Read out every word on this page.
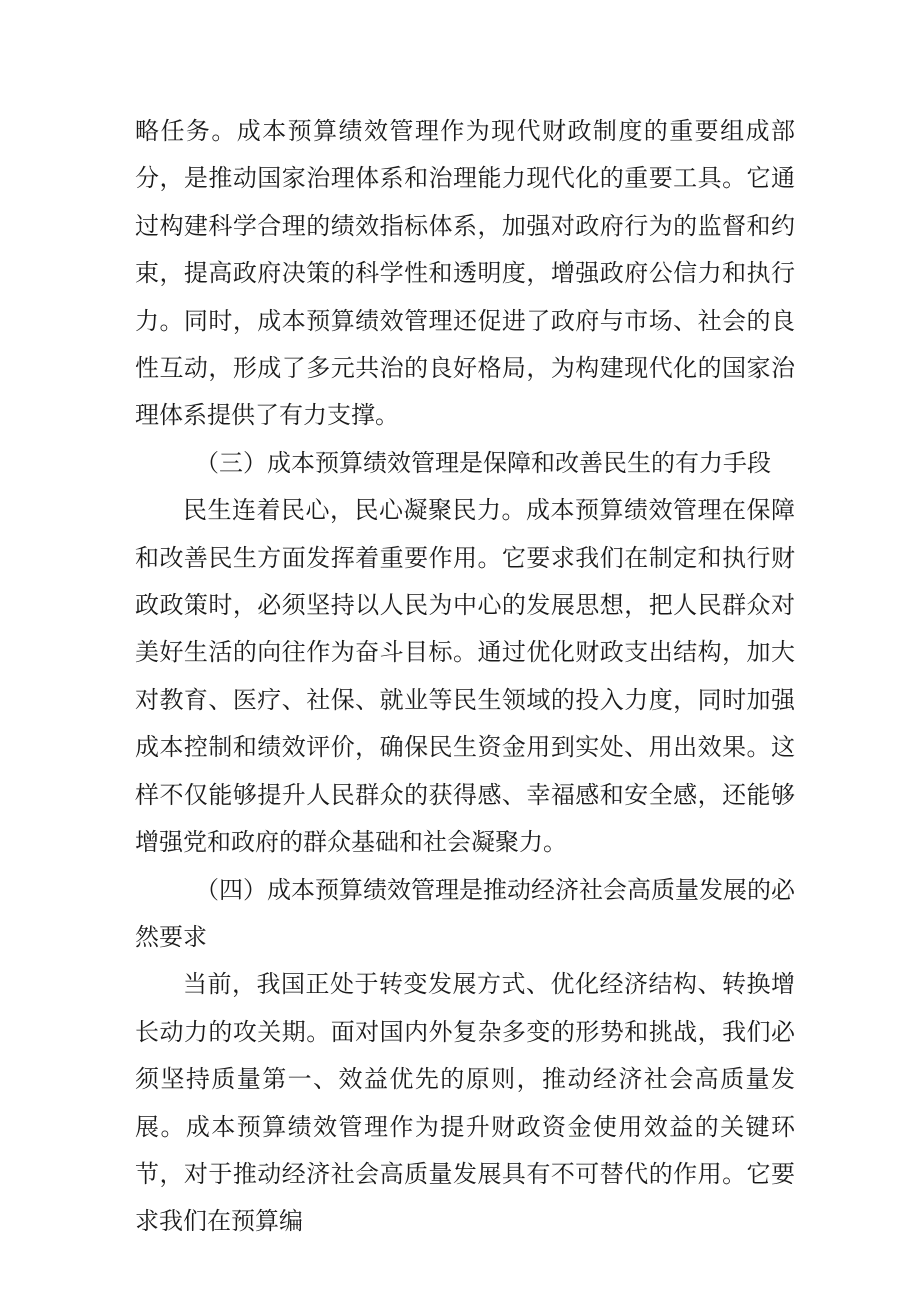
略任务。成本预算绩效管理作为现代财政制度的重要组成部分，是推动国家治理体系和治理能力现代化的重要工具。它通过构建科学合理的绩效指标体系，加强对政府行为的监督和约束，提高政府决策的科学性和透明度，增强政府公信力和执行力。同时，成本预算绩效管理还促进了政府与市场、社会的良性互动，形成了多元共治的良好格局，为构建现代化的国家治理体系提供了有力支撑。

（三）成本预算绩效管理是保障和改善民生的有力手段

民生连着民心，民心凝聚民力。成本预算绩效管理在保障和改善民生方面发挥着重要作用。它要求我们在制定和执行财政政策时，必须坚持以人民为中心的发展思想，把人民群众对美好生活的向往作为奋斗目标。通过优化财政支出结构，加大对教育、医疗、社保、就业等民生领域的投入力度，同时加强成本控制和绩效评价，确保民生资金用到实处、用出效果。这样不仅能够提升人民群众的获得感、幸福感和安全感，还能够增强党和政府的群众基础和社会凝聚力。

（四）成本预算绩效管理是推动经济社会高质量发展的必然要求

当前，我国正处于转变发展方式、优化经济结构、转换增长动力的攻关期。面对国内外复杂多变的形势和挑战，我们必须坚持质量第一、效益优先的原则，推动经济社会高质量发展。成本预算绩效管理作为提升财政资金使用效益的关键环节，对于推动经济社会高质量发展具有不可替代的作用。它要求我们在预算编
